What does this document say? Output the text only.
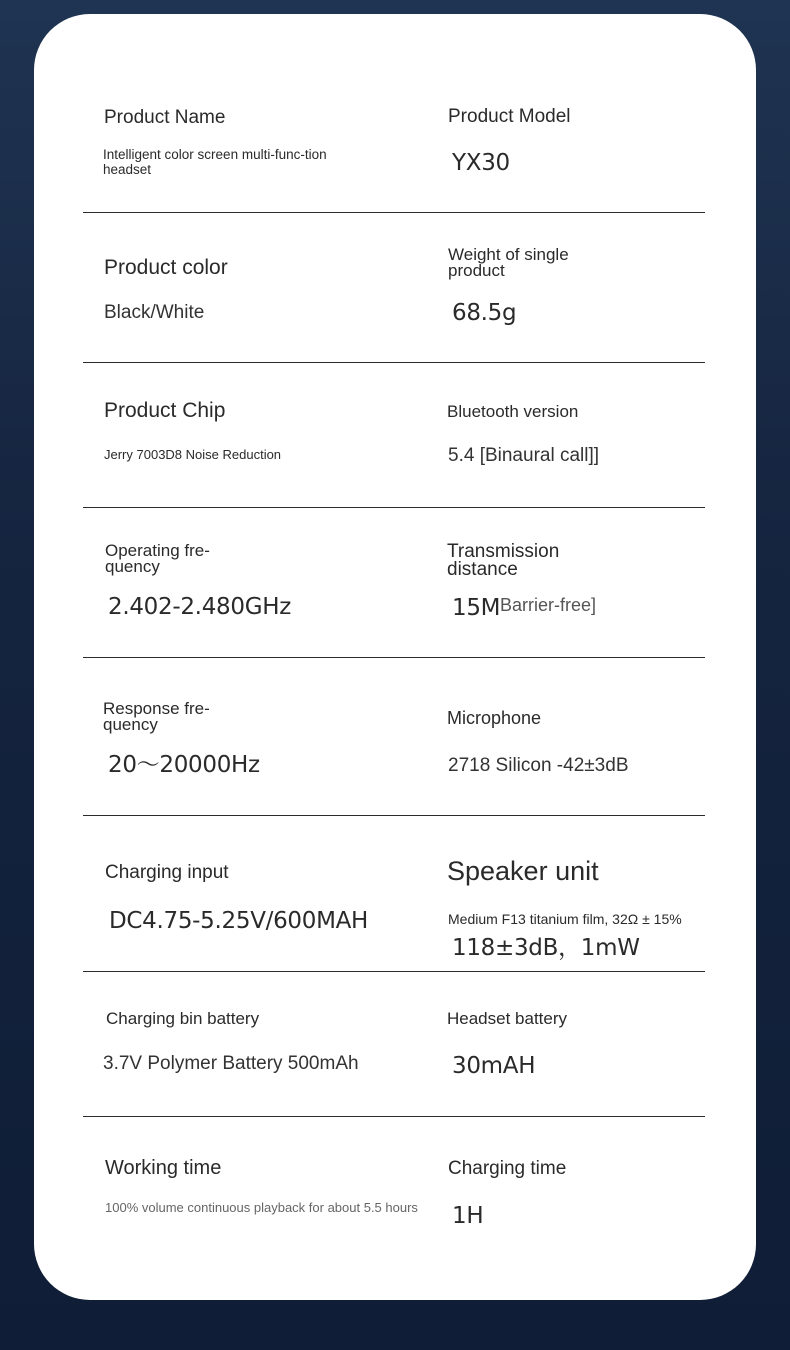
Product Name
Intelligent color screen multi-func-tion headset
Product Model
YX30
Product color
Black/White
Weight of single product
68.5g
Product Chip
Jerry 7003D8 Noise Reduction
Bluetooth version
5.4 [Binaural call]]
Operating fre-quency
2.402-2.480GHz
Transmission distance
15M Barrier-free]
Response fre-quency
20〜20000Hz
Microphone
2718 Silicon -42±3dB
Charging input
DC4.75-5.25V/600MAH
Speaker unit
Medium F13 titanium film, 32Ω ± 15%
118±3dB，1mW
Charging bin battery
3.7V Polymer Battery 500mAh
Headset battery
30mAH
Working time
100% volume continuous playback for about 5.5 hours
Charging time
1H
